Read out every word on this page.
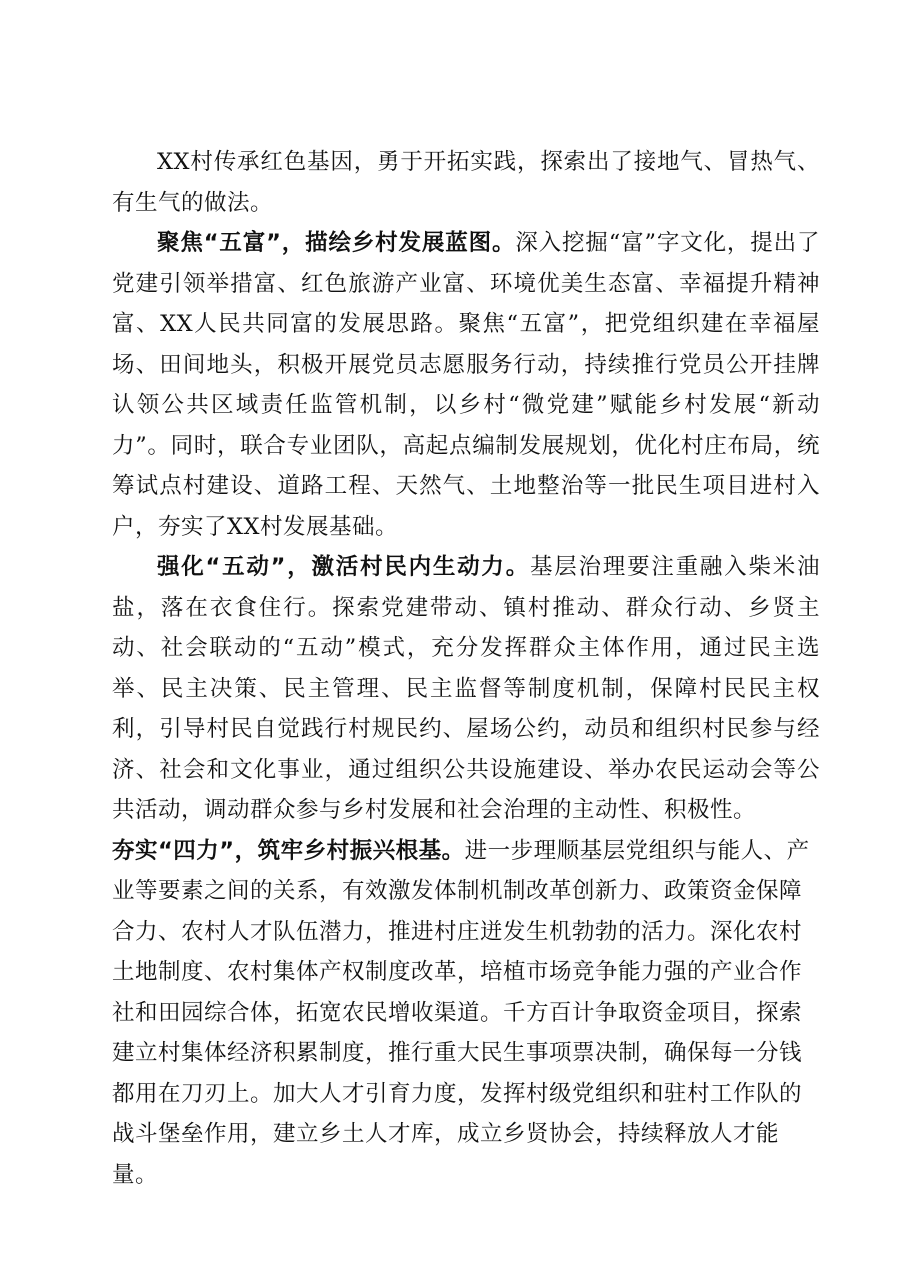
XX村传承红色基因，勇于开拓实践，探索出了接地气、冒热气、有生气的做法。

聚焦“五富”，描绘乡村发展蓝图。深入挖掘“富”字文化，提出了党建引领举措富、红色旅游产业富、环境优美生态富、幸福提升精神富、XX人民共同富的发展思路。聚焦“五富”，把党组织建在幸福屋场、田间地头，积极开展党员志愿服务行动，持续推行党员公开挂牌认领公共区域责任监管机制，以乡村“微党建”赋能乡村发展“新动力”。同时，联合专业团队，高起点编制发展规划，优化村庄布局，统筹试点村建设、道路工程、天然气、土地整治等一批民生项目进村入户，夯实了XX村发展基础。

强化“五动”，激活村民内生动力。基层治理要注重融入柴米油盐，落在衣食住行。探索党建带动、镇村推动、群众行动、乡贤主动、社会联动的“五动”模式，充分发挥群众主体作用，通过民主选举、民主决策、民主管理、民主监督等制度机制，保障村民民主权利，引导村民自觉践行村规民约、屋场公约，动员和组织村民参与经济、社会和文化事业，通过组织公共设施建设、举办农民运动会等公共活动，调动群众参与乡村发展和社会治理的主动性、积极性。

夯实“四力”，筑牢乡村振兴根基。进一步理顺基层党组织与能人、产业等要素之间的关系，有效激发体制机制改革创新力、政策资金保障合力、农村人才队伍潜力，推进村庄迸发生机勃勃的活力。深化农村土地制度、农村集体产权制度改革，培植市场竞争能力强的产业合作社和田园综合体，拓宽农民增收渠道。千方百计争取资金项目，探索建立村集体经济积累制度，推行重大民生事项票决制，确保每一分钱都用在刀刃上。加大人才引育力度，发挥村级党组织和驻村工作队的战斗堡垒作用，建立乡土人才库，成立乡贤协会，持续释放人才能量。
